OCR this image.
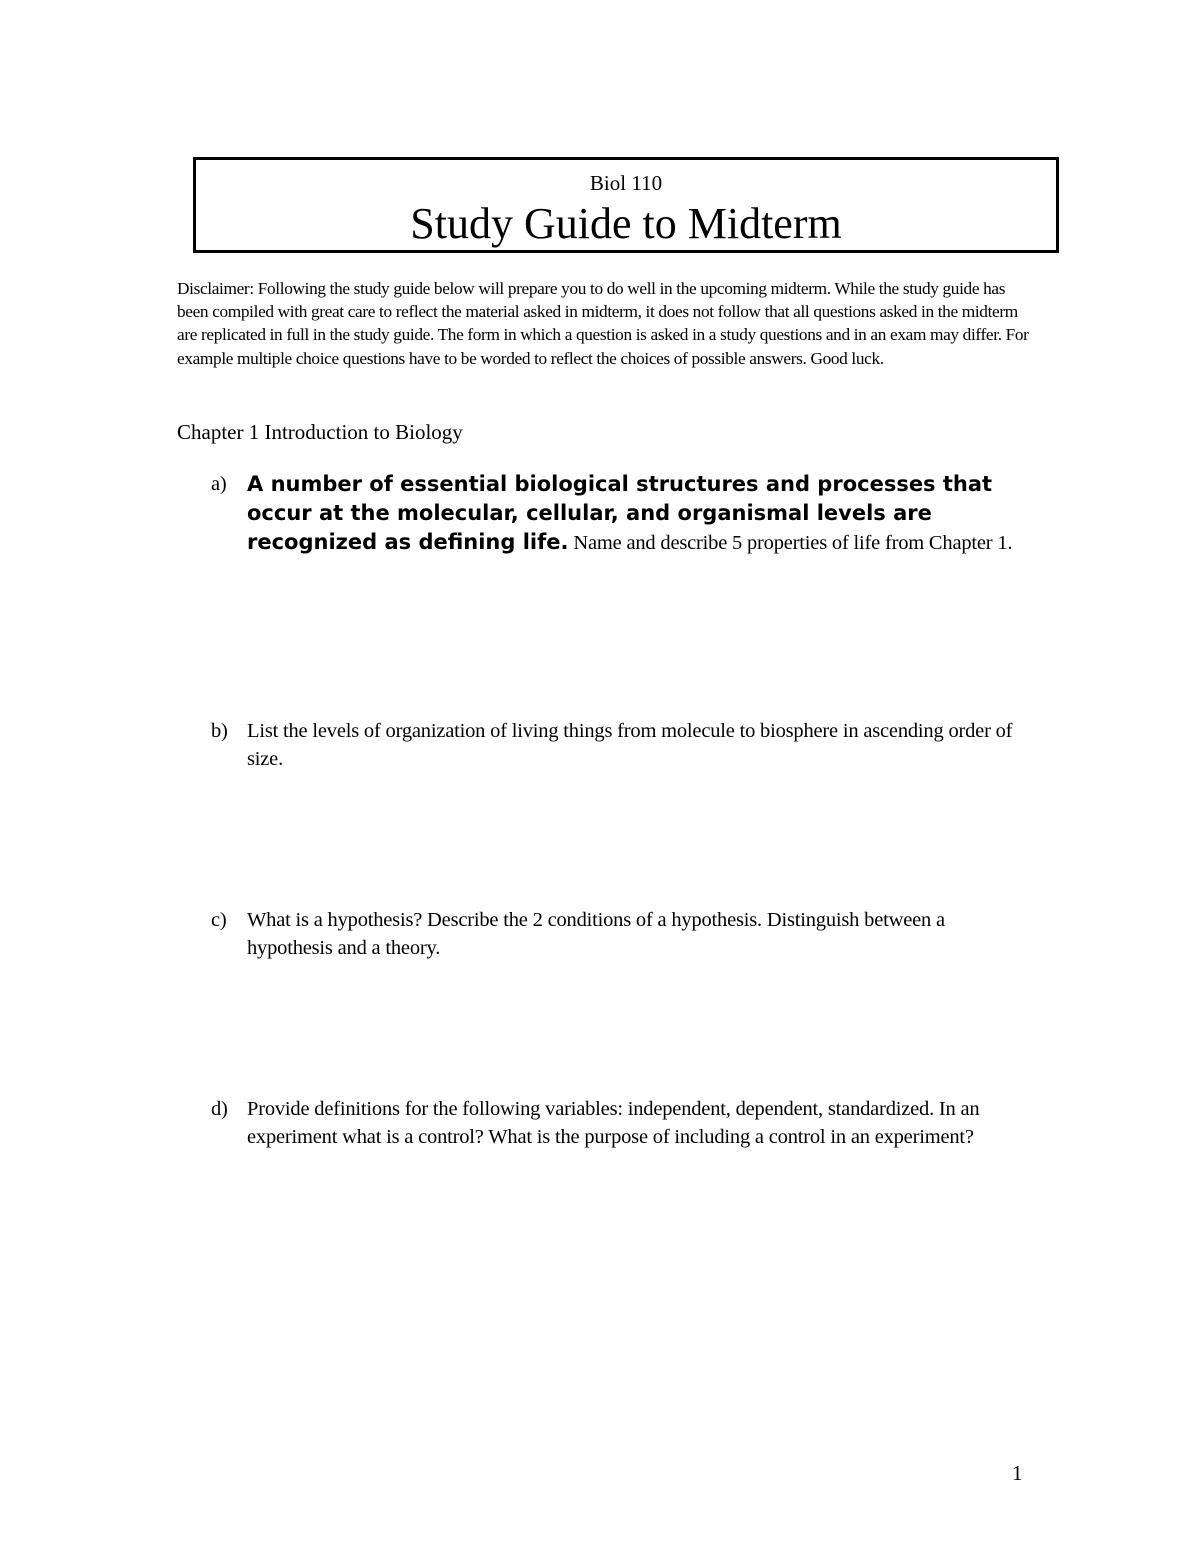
Biol 110
Study Guide to Midterm
Disclaimer: Following the study guide below will prepare you to do well in the upcoming midterm. While the study guide has been compiled with great care to reflect the material asked in midterm, it does not follow that all questions asked in the midterm are replicated in full in the study guide. The form in which a question is asked in a study questions and in an exam may differ. For example multiple choice questions have to be worded to reflect the choices of possible answers. Good luck.
Chapter 1 Introduction to Biology
a) A number of essential biological structures and processes that occur at the molecular, cellular, and organismal levels are recognized as defining life. Name and describe 5 properties of life from Chapter 1.
b) List the levels of organization of living things from molecule to biosphere in ascending order of size.
c) What is a hypothesis? Describe the 2 conditions of a hypothesis. Distinguish between a hypothesis and a theory.
d) Provide definitions for the following variables: independent, dependent, standardized. In an experiment what is a control? What is the purpose of including a control in an experiment?
1
